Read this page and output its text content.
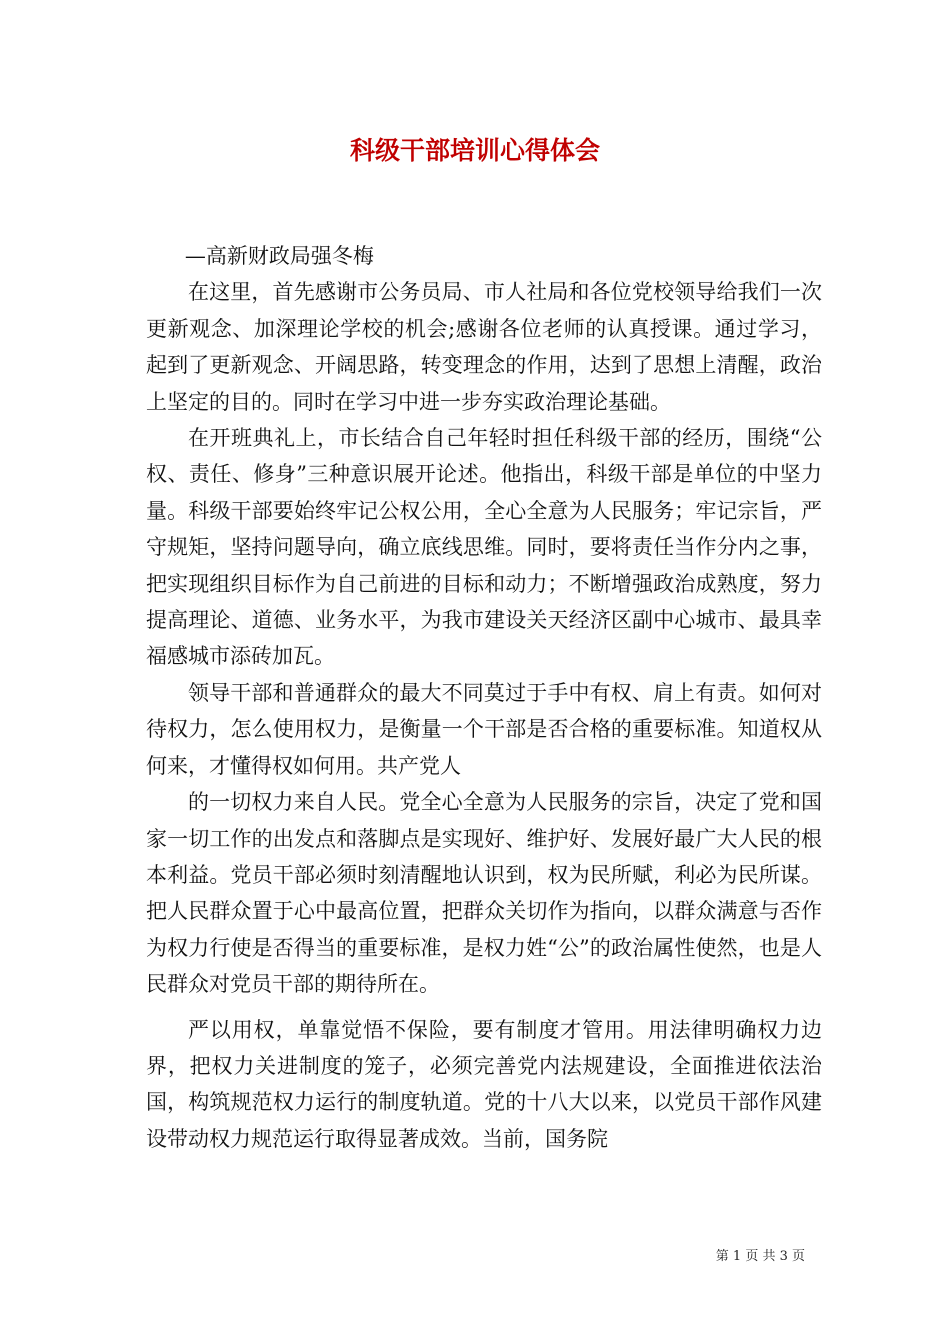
科级干部培训心得体会

—高新财政局强冬梅

在这里，首先感谢市公务员局、市人社局和各位党校领导给我们一次更新观念、加深理论学校的机会;感谢各位老师的认真授课。通过学习，起到了更新观念、开阔思路，转变理念的作用，达到了思想上清醒，政治上坚定的目的。同时在学习中进一步夯实政治理论基础。

在开班典礼上，市长结合自己年轻时担任科级干部的经历，围绕“公权、责任、修身”三种意识展开论述。他指出，科级干部是单位的中坚力量。科级干部要始终牢记公权公用，全心全意为人民服务；牢记宗旨，严守规矩，坚持问题导向，确立底线思维。同时，要将责任当作分内之事，把实现组织目标作为自己前进的目标和动力；不断增强政治成熟度，努力提高理论、道德、业务水平，为我市建设关天经济区副中心城市、最具幸福感城市添砖加瓦。

领导干部和普通群众的最大不同莫过于手中有权、肩上有责。如何对待权力，怎么使用权力，是衡量一个干部是否合格的重要标准。知道权从何来，才懂得权如何用。共产党人

的一切权力来自人民。党全心全意为人民服务的宗旨，决定了党和国家一切工作的出发点和落脚点是实现好、维护好、发展好最广大人民的根本利益。党员干部必须时刻清醒地认识到，权为民所赋，利必为民所谋。把人民群众置于心中最高位置，把群众关切作为指向，以群众满意与否作为权力行使是否得当的重要标准，是权力姓“公”的政治属性使然，也是人民群众对党员干部的期待所在。

严以用权，单靠觉悟不保险，要有制度才管用。用法律明确权力边界，把权力关进制度的笼子，必须完善党内法规建设，全面推进依法治国，构筑规范权力运行的制度轨道。党的十八大以来，以党员干部作风建设带动权力规范运行取得显著成效。当前，国务院

第 1 页 共 3 页
